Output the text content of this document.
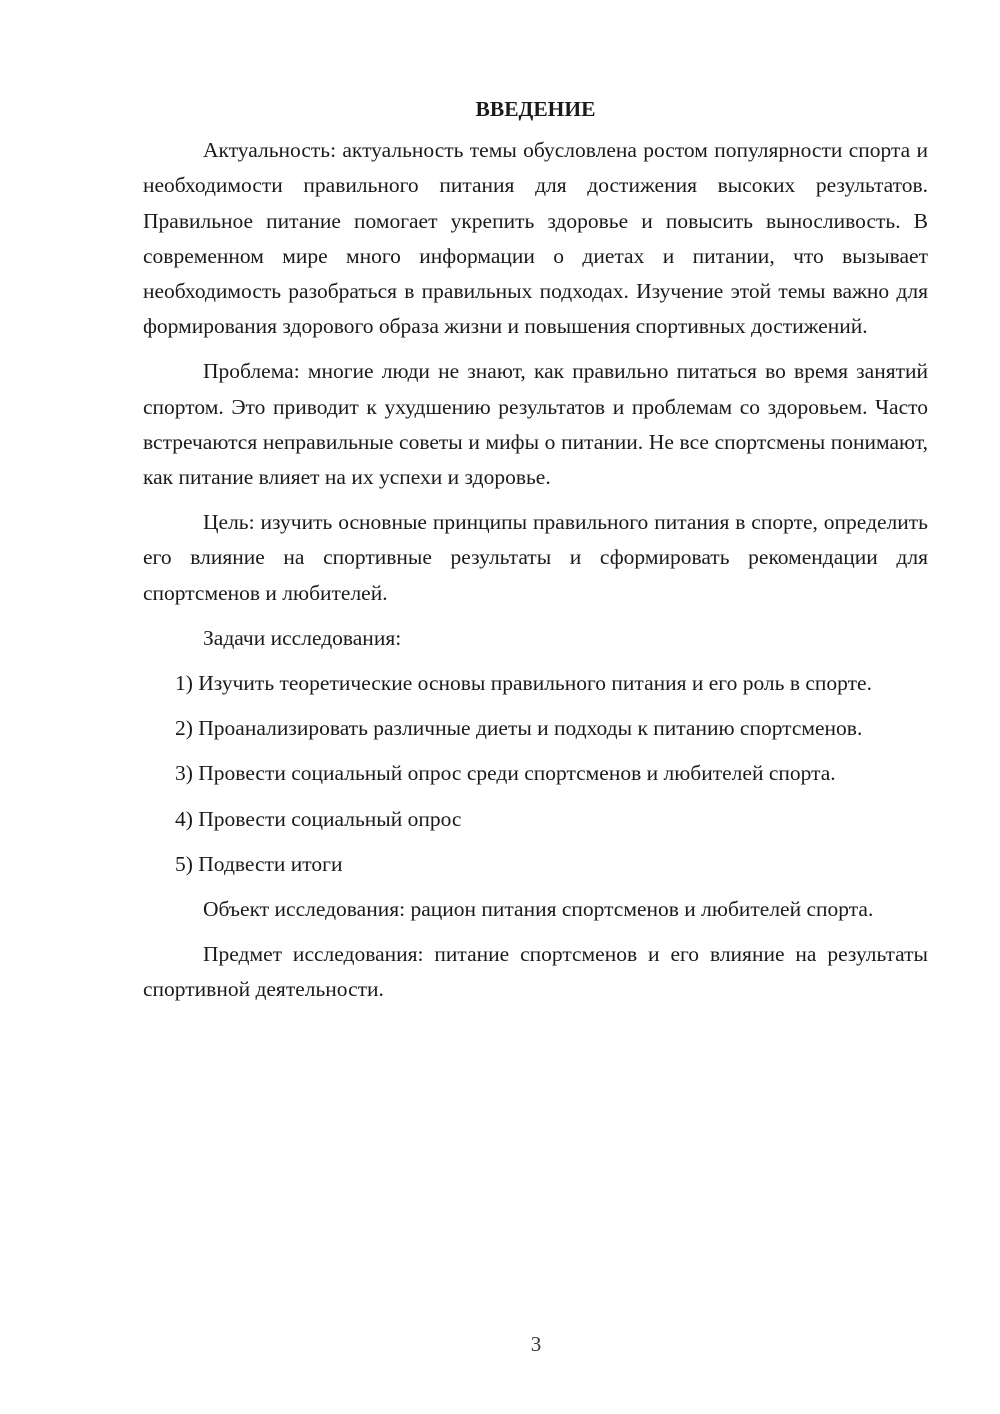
ВВЕДЕНИЕ

Актуальность: актуальность темы обусловлена ростом популярности спорта и необходимости правильного питания для достижения высоких результатов. Правильное питание помогает укрепить здоровье и повысить выносливость. В современном мире много информации о диетах и питании, что вызывает необходимость разобраться в правильных подходах. Изучение этой темы важно для формирования здорового образа жизни и повышения спортивных достижений.

Проблема: многие люди не знают, как правильно питаться во время занятий спортом. Это приводит к ухудшению результатов и проблемам со здоровьем. Часто встречаются неправильные советы и мифы о питании. Не все спортсмены понимают, как питание влияет на их успехи и здоровье.

Цель: изучить основные принципы правильного питания в спорте, определить его влияние на спортивные результаты и сформировать рекомендации для спортсменов и любителей.

Задачи исследования:

1) Изучить теоретические основы правильного питания и его роль в спорте.

2) Проанализировать различные диеты и подходы к питанию спортсменов.

3) Провести социальный опрос среди спортсменов и любителей спорта.

4) Провести социальный опрос

5) Подвести итоги

Объект исследования: рацион питания спортсменов и любителей спорта.

Предмет исследования: питание спортсменов и его влияние на результаты спортивной деятельности.

3
